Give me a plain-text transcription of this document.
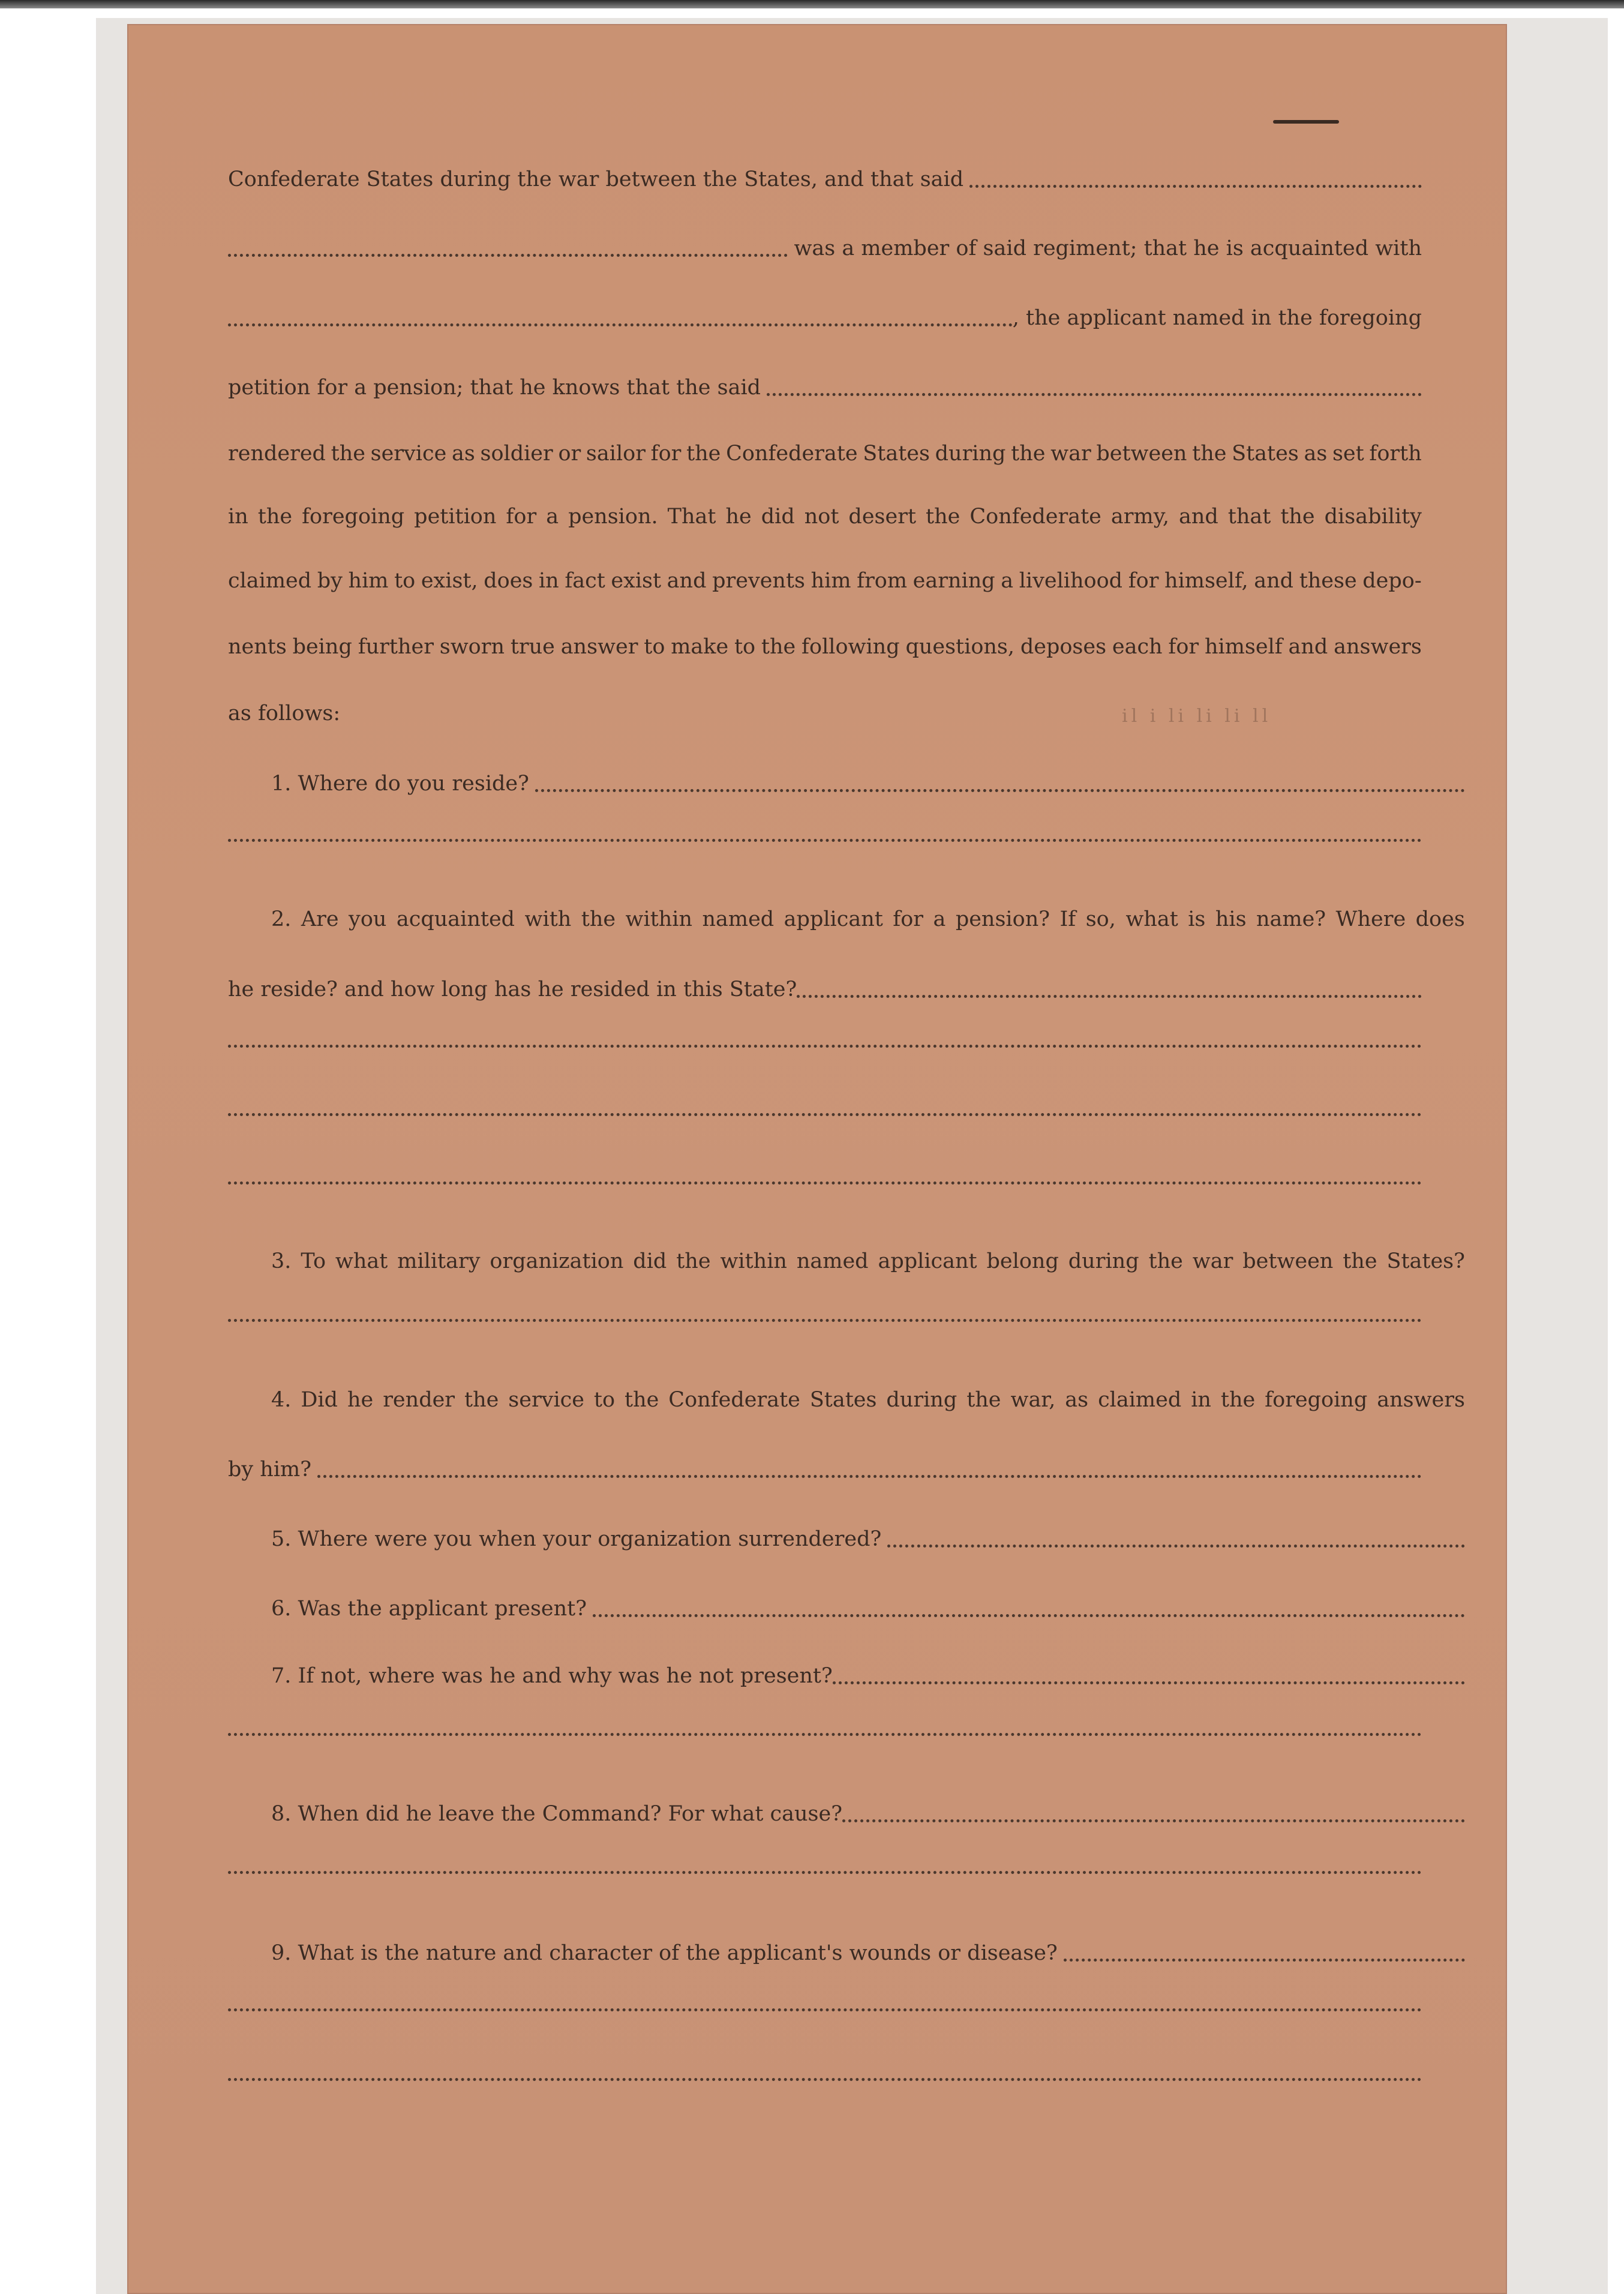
Confederate States during the war between the States, and that said
was a member of said regiment; that he is acquainted with
, the applicant named in the foregoing
petition for a pension; that he knows that the said
rendered the service as soldier or sailor for the Confederate States during the war between the States as set forth
in the foregoing petition for a pension. That he did not desert the Confederate army, and that the disability
claimed by him to exist, does in fact exist and prevents him from earning a livelihood for himself, and these depo-
nents being further sworn true answer to make to the following questions, deposes each for himself and answers
as follows:	il i li li li ll
1. Where do you reside?
2. Are you acquainted with the within named applicant for a pension? If so, what is his name? Where does
he reside? and how long has he resided in this State?
3. To what military organization did the within named applicant belong during the war between the States?
4. Did he render the service to the Confederate States during the war, as claimed in the foregoing answers
by him?
5. Where were you when your organization surrendered?
6. Was the applicant present?
7. If not, where was he and why was he not present?
8. When did he leave the Command? For what cause?
9. What is the nature and character of the applicant's wounds or disease?
